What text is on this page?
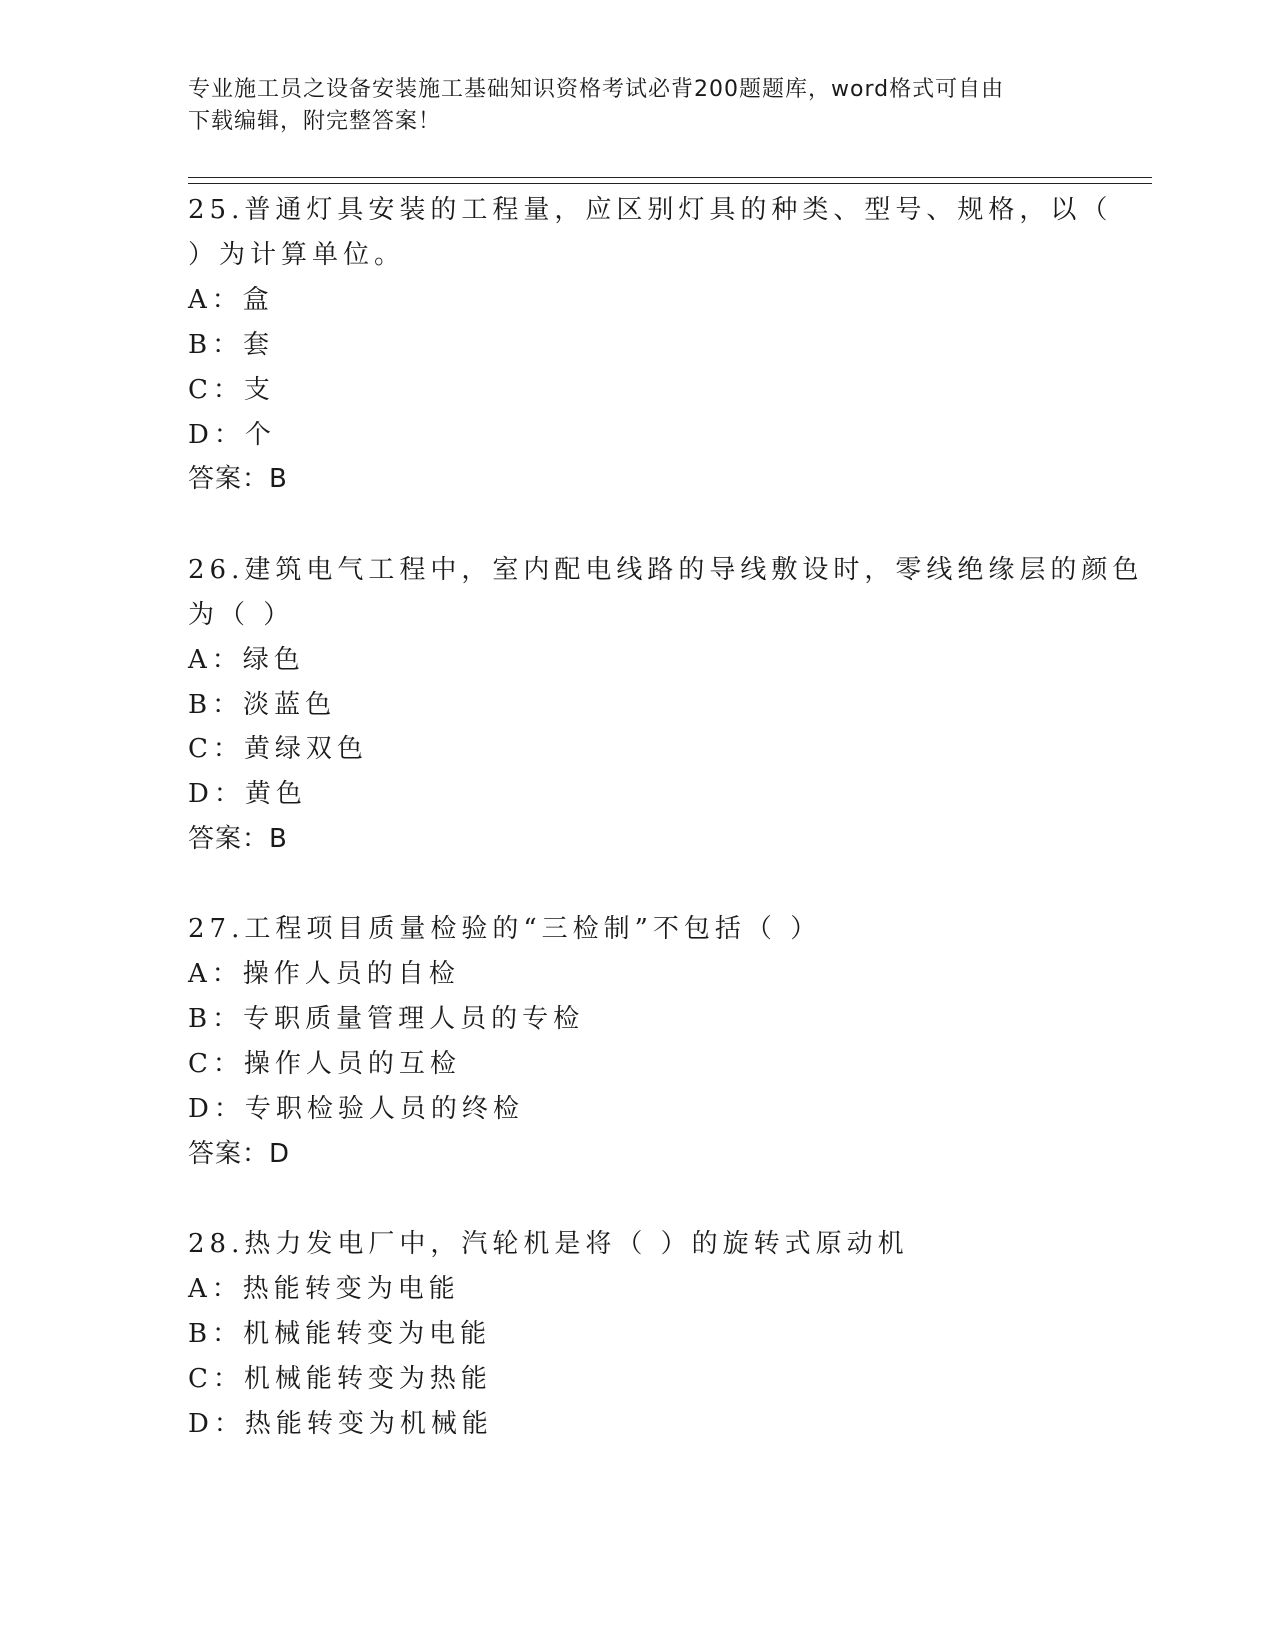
专业施工员之设备安装施工基础知识资格考试必背200题题库，word格式可自由
下载编辑，附完整答案！
25.普通灯具安装的工程量，应区别灯具的种类、型号、规格，以（
）为计算单位。
A：盒
B：套
C：支
D：个
答案：B
26.建筑电气工程中，室内配电线路的导线敷设时，零线绝缘层的颜色
为（ ）
A：绿色
B：淡蓝色
C：黄绿双色
D：黄色
答案：B
27.工程项目质量检验的“三检制”不包括（ ）
A：操作人员的自检
B：专职质量管理人员的专检
C：操作人员的互检
D：专职检验人员的终检
答案：D
28.热力发电厂中，汽轮机是将（ ）的旋转式原动机
A：热能转变为电能
B：机械能转变为电能
C：机械能转变为热能
D：热能转变为机械能
